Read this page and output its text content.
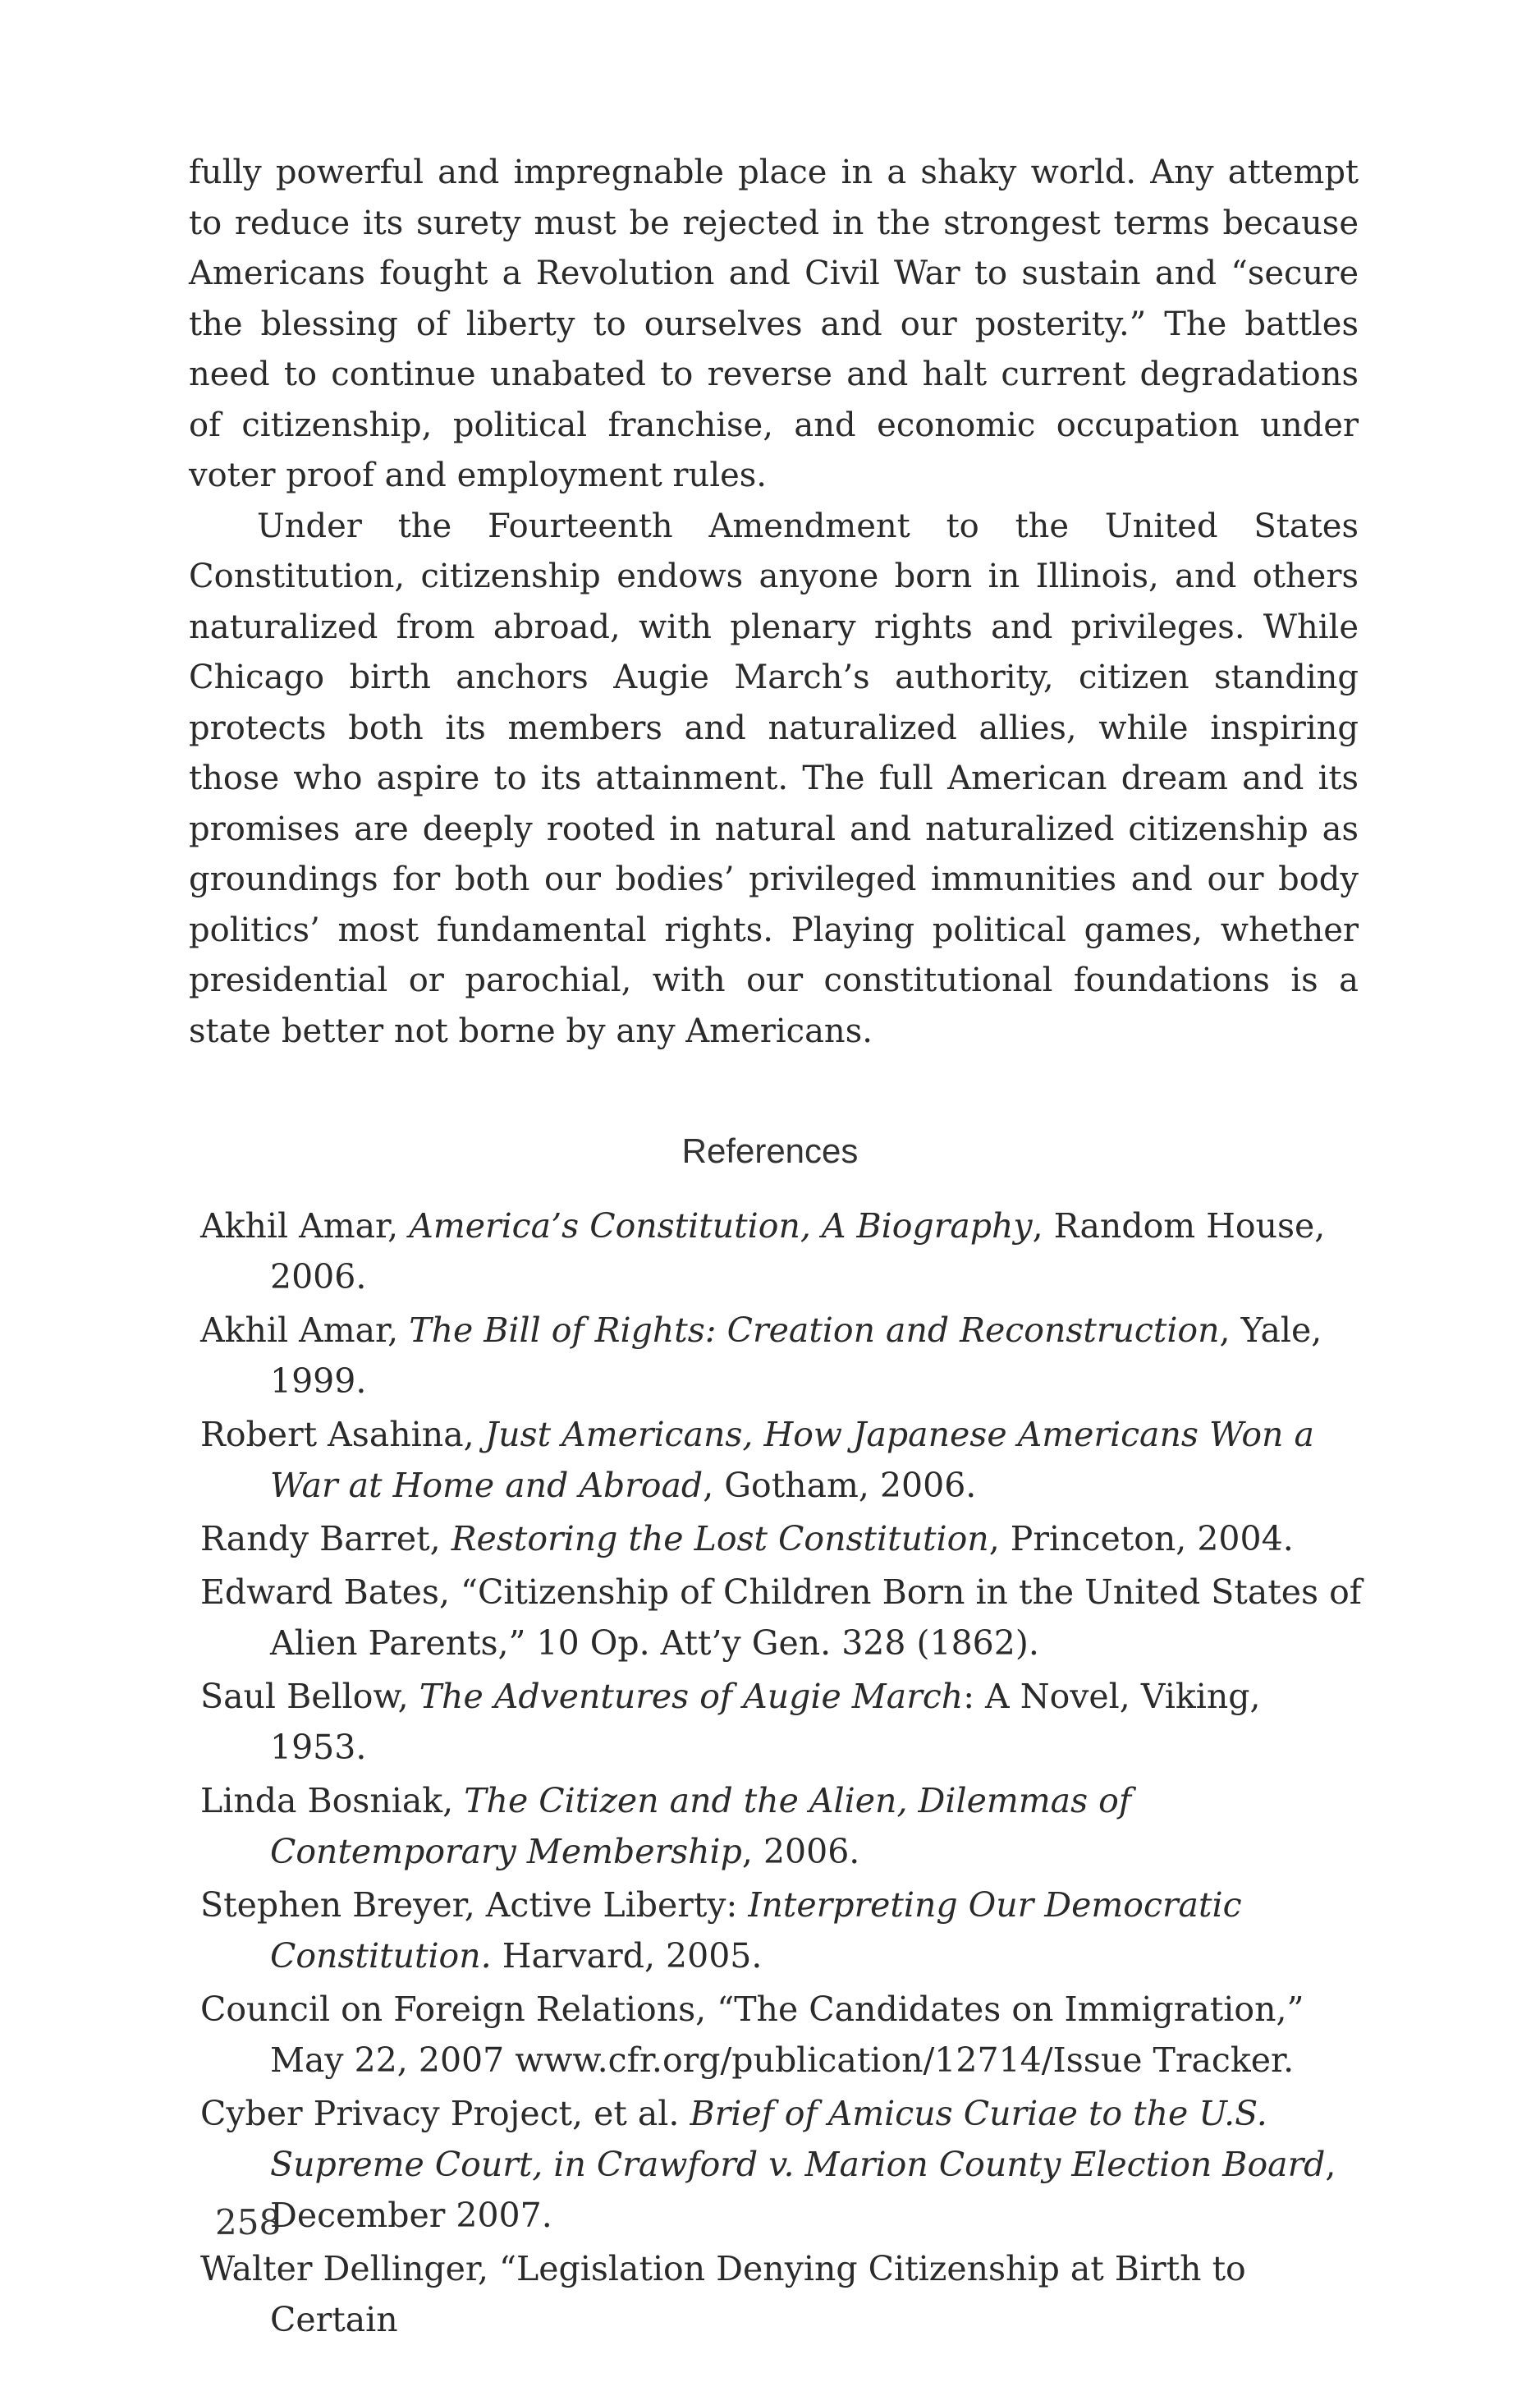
fully powerful and impregnable place in a shaky world. Any attempt to reduce its surety must be rejected in the strongest terms because Americans fought a Revolution and Civil War to sustain and “secure the blessing of liberty to ourselves and our posterity.” The battles need to continue unabated to reverse and halt current degradations of citizenship, political franchise, and economic occupation under voter proof and employment rules.

Under the Fourteenth Amendment to the United States Constitution, citizenship endows anyone born in Illinois, and others naturalized from abroad, with plenary rights and privileges. While Chicago birth anchors Augie March’s authority, citizen standing protects both its members and naturalized allies, while inspiring those who aspire to its attainment. The full American dream and its promises are deeply rooted in natural and naturalized citizenship as groundings for both our bodies’ privileged immunities and our body politics’ most fundamental rights. Playing political games, whether presidential or parochial, with our constitutional foundations is a state better not borne by any Americans.

References
Akhil Amar, America’s Constitution, A Biography, Random House, 2006.
Akhil Amar, The Bill of Rights: Creation and Reconstruction, Yale, 1999.
Robert Asahina, Just Americans, How Japanese Americans Won a War at Home and Abroad, Gotham, 2006.
Randy Barret, Restoring the Lost Constitution, Princeton, 2004.
Edward Bates, “Citizenship of Children Born in the United States of Alien Parents,” 10 Op. Att’y Gen. 328 (1862).
Saul Bellow, The Adventures of Augie March: A Novel, Viking, 1953.
Linda Bosniak, The Citizen and the Alien, Dilemmas of Contemporary Membership, 2006.
Stephen Breyer, Active Liberty: Interpreting Our Democratic Constitution. Harvard, 2005.
Council on Foreign Relations, “The Candidates on Immigration,” May 22, 2007 www.cfr.org/publication/12714/Issue Tracker.
Cyber Privacy Project, et al. Brief of Amicus Curiae to the U.S. Supreme Court, in Crawford v. Marion County Election Board, December 2007.
Walter Dellinger, “Legislation Denying Citizenship at Birth to Certain
258
